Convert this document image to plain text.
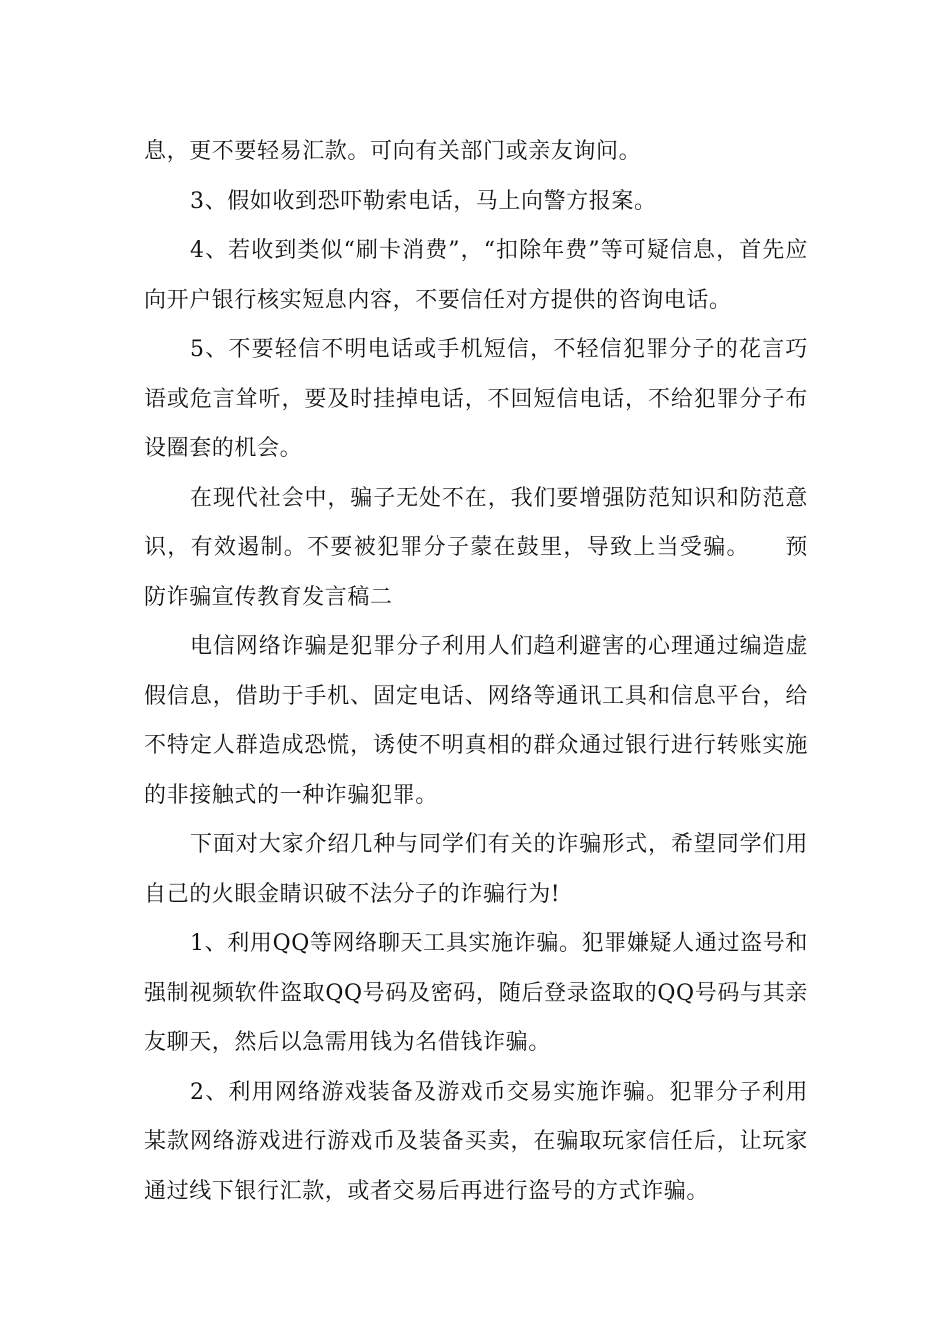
息，更不要轻易汇款。可向有关部门或亲友询问。

3、假如收到恐吓勒索电话，马上向警方报案。

4、若收到类似“刷卡消费”，“扣除年费”等可疑信息，首先应向开户银行核实短息内容，不要信任对方提供的咨询电话。

5、不要轻信不明电话或手机短信，不轻信犯罪分子的花言巧语或危言耸听，要及时挂掉电话，不回短信电话，不给犯罪分子布设圈套的机会。

在现代社会中，骗子无处不在，我们要增强防范知识和防范意识，有效遏制。不要被犯罪分子蒙在鼓里，导致上当受骗。　　预防诈骗宣传教育发言稿二

电信网络诈骗是犯罪分子利用人们趋利避害的心理通过编造虚假信息，借助于手机、固定电话、网络等通讯工具和信息平台，给不特定人群造成恐慌，诱使不明真相的群众通过银行进行转账实施的非接触式的一种诈骗犯罪。

下面对大家介绍几种与同学们有关的诈骗形式，希望同学们用自己的火眼金睛识破不法分子的诈骗行为!

1、利用QQ等网络聊天工具实施诈骗。犯罪嫌疑人通过盗号和强制视频软件盗取QQ号码及密码，随后登录盗取的QQ号码与其亲友聊天，然后以急需用钱为名借钱诈骗。

2、利用网络游戏装备及游戏币交易实施诈骗。犯罪分子利用某款网络游戏进行游戏币及装备买卖，在骗取玩家信任后，让玩家通过线下银行汇款，或者交易后再进行盗号的方式诈骗。
